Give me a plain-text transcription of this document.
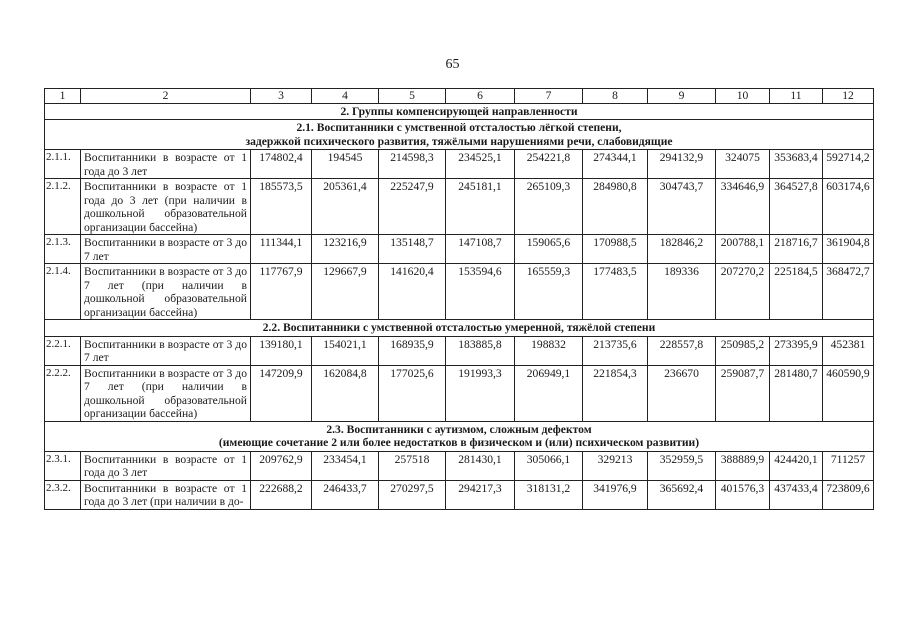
65
1	2	3	4	5	6	7	8	9	10	11	12
2. Группы компенсирующей направленности											
2.1. Воспитанники с умственной отсталостью лёгкой степени,
задержкой психического развития, тяжёлыми нарушениями речи, слабовидящие											
2.1.1.	Воспитанники в возрасте от 1 года до 3 лет	174802,4	194545	214598,3	234525,1	254221,8	274344,1	294132,9	324075	353683,4	592714,2
2.1.2.	Воспитанники в возрасте от 1 года до 3 лет (при наличии в дошкольной образовательной организации бассейна)	185573,5	205361,4	225247,9	245181,1	265109,3	284980,8	304743,7	334646,9	364527,8	603174,6
2.1.3.	Воспитанники в возрасте от 3 до 7 лет	111344,1	123216,9	135148,7	147108,7	159065,6	170988,5	182846,2	200788,1	218716,7	361904,8
2.1.4.	Воспитанники в возрасте от 3 до 7 лет (при наличии в дошкольной образовательной организации бассейна)	117767,9	129667,9	141620,4	153594,6	165559,3	177483,5	189336	207270,2	225184,5	368472,7
2.2. Воспитанники с умственной отсталостью умеренной, тяжёлой степени											
2.2.1.	Воспитанники в возрасте от 3 до 7 лет	139180,1	154021,1	168935,9	183885,8	198832	213735,6	228557,8	250985,2	273395,9	452381
2.2.2.	Воспитанники в возрасте от 3 до 7 лет (при наличии в дошкольной образовательной организации бассейна)	147209,9	162084,8	177025,6	191993,3	206949,1	221854,3	236670	259087,7	281480,7	460590,9
2.3. Воспитанники с аутизмом, сложным дефектом
(имеющие сочетание 2 или более недостатков в физическом и (или) психическом развитии)											
2.3.1.	Воспитанники в возрасте от 1 года до 3 лет	209762,9	233454,1	257518	281430,1	305066,1	329213	352959,5	388889,9	424420,1	711257
2.3.2.	Воспитанники в возрасте от 1 года до 3 лет (при наличии в до-	222688,2	246433,7	270297,5	294217,3	318131,2	341976,9	365692,4	401576,3	437433,4	723809,6
